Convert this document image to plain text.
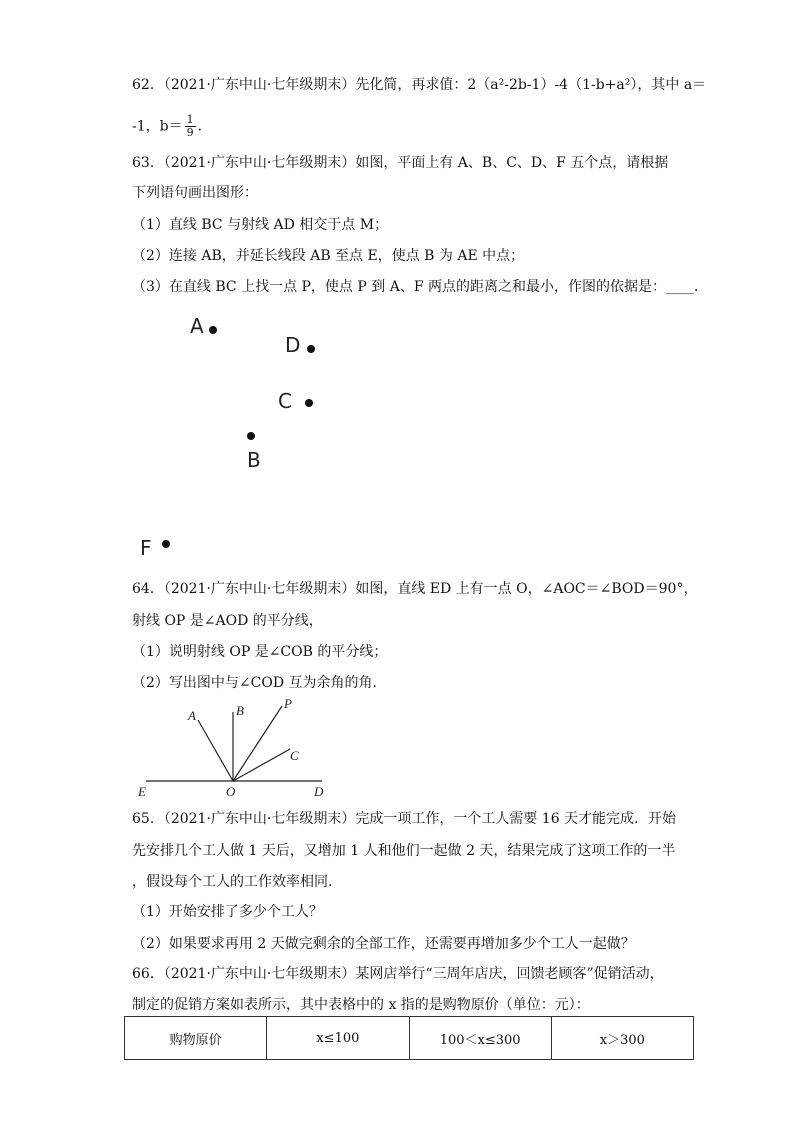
62．（2021·广东中山·七年级期末）先化简，再求值：2（a²-2b-1）-4（1-b+a²），其中 a＝
-1，$b= \frac{1}{9}$ ．
63．（2021·广东中山·七年级期末）如图，平面上有 A、B、C、D、F 五个点，请根据
下列语句画出图形：
（1）直线 BC 与射线 AD 相交于点 M；
（2）连接 AB，并延长线段 AB 至点 E，使点 B 为 AE 中点；
（3）在直线 BC 上找一点 P，使点 P 到 A、F 两点的距离之和最小，作图的依据是：____．
A
D
C
B
F
64．（2021·广东中山·七年级期末）如图，直线 ED 上有一点 O，∠AOC＝∠BOD＝90°，
射线 OP 是∠AOD 的平分线，
（1）说明射线 OP 是∠COB 的平分线；
（2）写出图中与∠COD 互为余角的角．
A	B	P
C
E	O	D
65．（2021·广东中山·七年级期末）完成一项工作，一个工人需要 16 天才能完成．开始
先安排几个工人做 1 天后，又增加 1 人和他们一起做 2 天，结果完成了这项工作的一半
，假设每个工人的工作效率相同．
（1）开始安排了多少个工人？
（2）如果要求再用 2 天做完剩余的全部工作，还需要再增加多少个工人一起做？
66．（2021·广东中山·七年级期末）某网店举行“三周年店庆，回馈老顾客”促销活动，
制定的促销方案如表所示，其中表格中的 x 指的是购物原价（单位：元）：
购物原价	x≤100	100＜x≤300	x＞300
